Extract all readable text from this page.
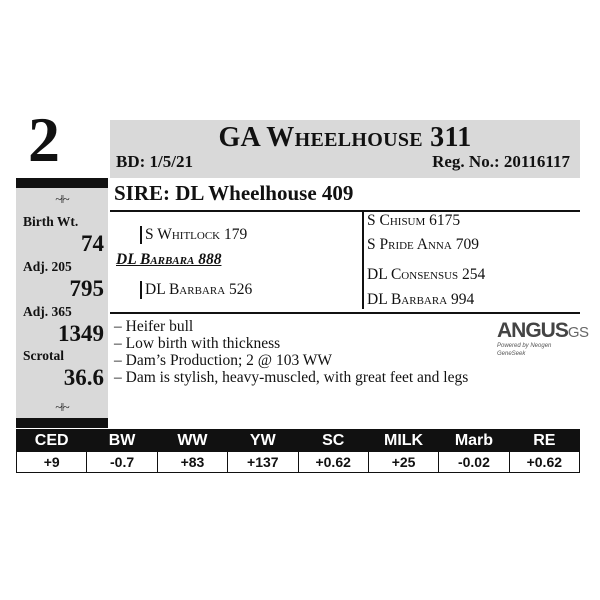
2	GA Wheelhouse 311
BD: 1/5/21	Reg. No.: 20116117
~‖~
Birth Wt.
74
Adj. 205
795
Adj. 365
1349
Scrotal
36.6
~‖~
SIRE: DL Wheelhouse 409
S Chisum 6175
S Whitlock 179
S Pride Anna 709
DL Barbara 888
DL Consensus 254
DL Barbara 526
DL Barbara 994
– Heifer bull
– Low birth with thickness
– Dam’s Production; 2 @ 103 WW
– Dam is stylish, heavy-muscled, with great feet and legs
ANGUSGS
Powered by Neogen GeneSeek
CED	BW	WW	YW	SC	MILK	Marb	RE
+9	-0.7	+83	+137	+0.62	+25	-0.02	+0.62
